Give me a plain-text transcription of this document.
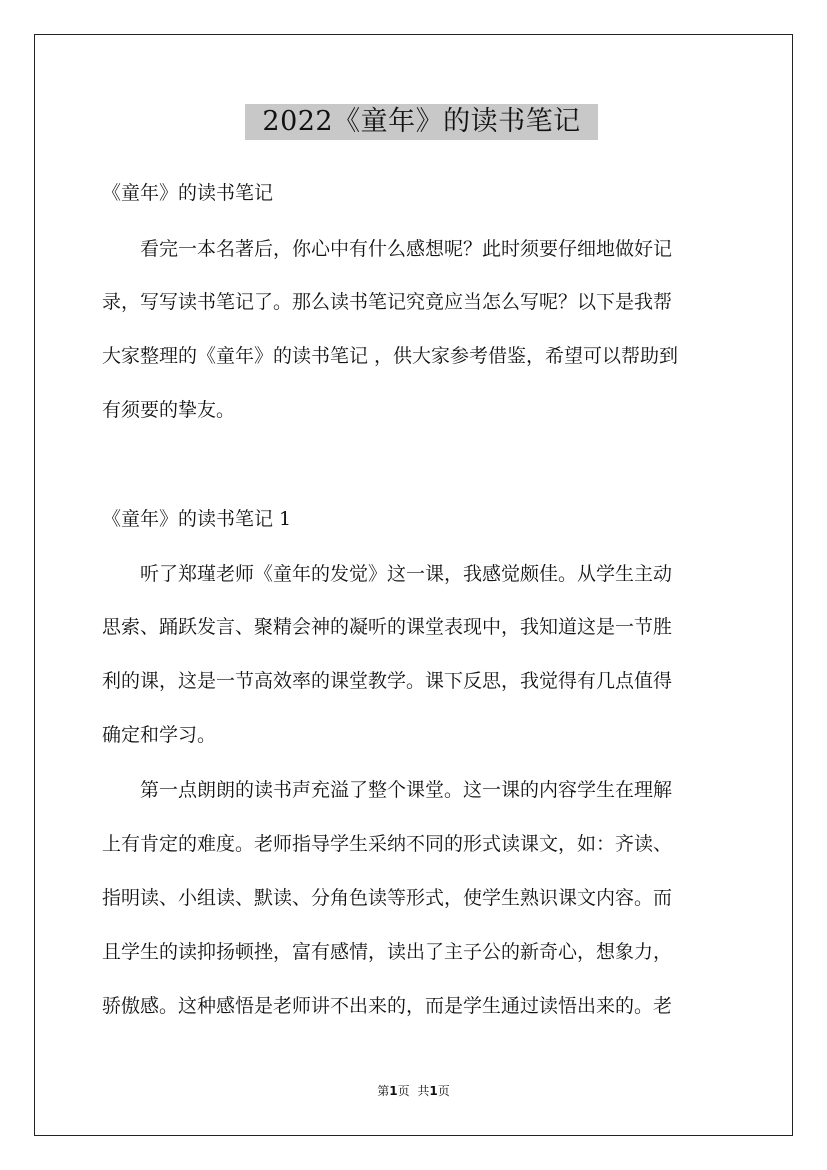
2022《童年》的读书笔记
《童年》的读书笔记
看完一本名著后，你心中有什么感想呢？此时须要仔细地做好记
录，写写读书笔记了。那么读书笔记究竟应当怎么写呢？以下是我帮
大家整理的《童年》的读书笔记 ，供大家参考借鉴，希望可以帮助到
有须要的挚友。
《童年》的读书笔记 1
听了郑瑾老师《童年的发觉》这一课，我感觉颇佳。从学生主动
思索、踊跃发言、聚精会神的凝听的课堂表现中，我知道这是一节胜
利的课，这是一节高效率的课堂教学。课下反思，我觉得有几点值得
确定和学习。
第一点朗朗的读书声充溢了整个课堂。这一课的内容学生在理解
上有肯定的难度。老师指导学生采纳不同的形式读课文，如：齐读、
指明读、小组读、默读、分角色读等形式，使学生熟识课文内容。而
且学生的读抑扬顿挫，富有感情，读出了主子公的新奇心，想象力，
骄傲感。这种感悟是老师讲不出来的，而是学生通过读悟出来的。老
第1页 共1页
